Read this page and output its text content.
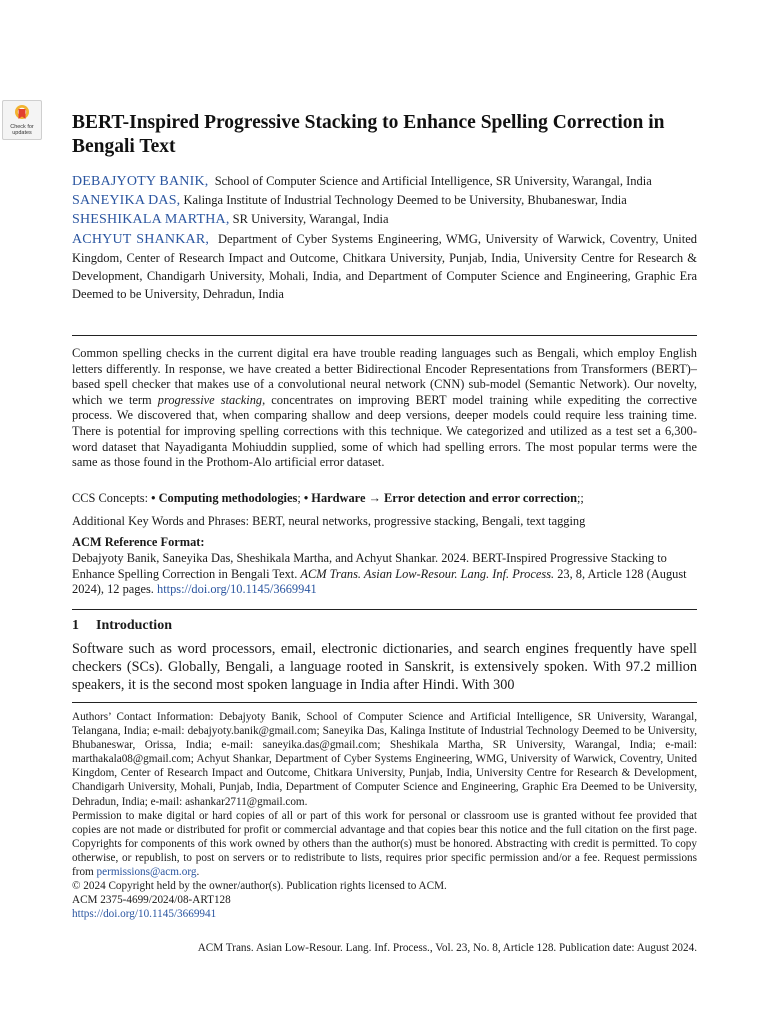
Check for
updates	BERT-Inspired Progressive Stacking to Enhance Spelling Correction in Bengali Text

DEBAJYOTY BANIK, School of Computer Science and Artificial Intelligence, SR University, Warangal, India

SANEYIKA DAS, Kalinga Institute of Industrial Technology Deemed to be University, Bhubaneswar, India

SHESHIKALA MARTHA, SR University, Warangal, India

ACHYUT SHANKAR, Department of Cyber Systems Engineering, WMG, University of Warwick, Coventry, United Kingdom, Center of Research Impact and Outcome, Chitkara University, Punjab, India, University Centre for Research & Development, Chandigarh University, Mohali, India, and Department of Computer Science and Engineering, Graphic Era Deemed to be University, Dehradun, India

Common spelling checks in the current digital era have trouble reading languages such as Bengali, which employ English letters differently. In response, we have created a better Bidirectional Encoder Representations from Transformers (BERT)–based spell checker that makes use of a convolutional neural network (CNN) sub-model (Semantic Network). Our novelty, which we term progressive stacking, concentrates on improving BERT model training while expediting the corrective process. We discovered that, when comparing shallow and deep versions, deeper models could require less training time. There is potential for improving spelling corrections with this technique. We categorized and utilized as a test set a 6,300-word dataset that Nayadiganta Mohiuddin supplied, some of which had spelling errors. The most popular terms were the same as those found in the Prothom-Alo artificial error dataset.

CCS Concepts: • Computing methodologies; • Hardware → Error detection and error correction;;
Additional Key Words and Phrases: BERT, neural networks, progressive stacking, Bengali, text tagging
ACM Reference Format:
Debajyoty Banik, Saneyika Das, Sheshikala Martha, and Achyut Shankar. 2024. BERT-Inspired Progressive Stacking to Enhance Spelling Correction in Bengali Text. ACM Trans. Asian Low-Resour. Lang. Inf. Process. 23, 8, Article 128 (August 2024), 12 pages. https://doi.org/10.1145/3669941
1 Introduction

Software such as word processors, email, electronic dictionaries, and search engines frequently have spell checkers (SCs). Globally, Bengali, a language rooted in Sanskrit, is extensively spoken. With 97.2 million speakers, it is the second most spoken language in India after Hindi. With 300

Authors’ Contact Information: Debajyoty Banik, School of Computer Science and Artificial Intelligence, SR University, Warangal, Telangana, India; e-mail: debajyoty.banik@gmail.com; Saneyika Das, Kalinga Institute of Industrial Technology Deemed to be University, Bhubaneswar, Orissa, India; e-mail: saneyika.das@gmail.com; Sheshikala Martha, SR University, Warangal, India; e-mail: marthakala08@gmail.com; Achyut Shankar, Department of Cyber Systems Engineering, WMG, University of Warwick, Coventry, United Kingdom, Center of Research Impact and Outcome, Chitkara University, Punjab, India, University Centre for Research & Development, Chandigarh University, Mohali, Punjab, India, Department of Computer Science and Engineering, Graphic Era Deemed to be University, Dehradun, India; e-mail: ashankar2711@gmail.com.

Permission to make digital or hard copies of all or part of this work for personal or classroom use is granted without fee provided that copies are not made or distributed for profit or commercial advantage and that copies bear this notice and the full citation on the first page. Copyrights for components of this work owned by others than the author(s) must be honored. Abstracting with credit is permitted. To copy otherwise, or republish, to post on servers or to redistribute to lists, requires prior specific permission and/or a fee. Request permissions from permissions@acm.org.

© 2024 Copyright held by the owner/author(s). Publication rights licensed to ACM.

ACM 2375-4699/2024/08-ART128

https://doi.org/10.1145/3669941

ACM Trans. Asian Low-Resour. Lang. Inf. Process., Vol. 23, No. 8, Article 128. Publication date: August 2024.
